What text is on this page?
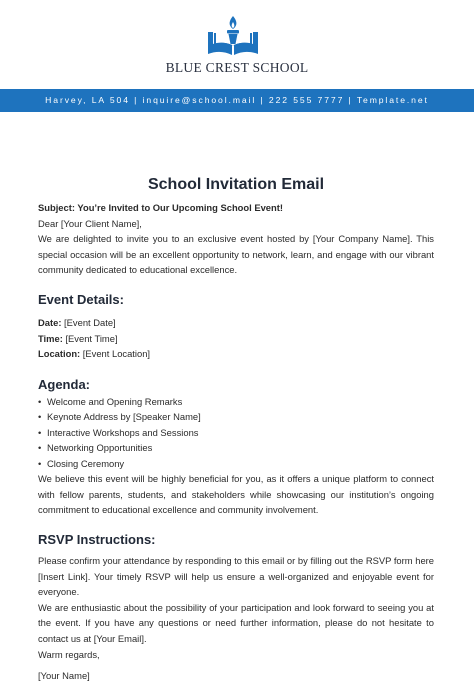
BLUE CREST SCHOOL
Harvey, LA 504 | inquire@school.mail | 222 555 7777 | Template.net
School Invitation Email

Subject: You’re Invited to Our Upcoming School Event!

Dear [Your Client Name],

We are delighted to invite you to an exclusive event hosted by [Your Company Name]. This special occasion will be an excellent opportunity to network, learn, and engage with our vibrant community dedicated to educational excellence.

Event Details:

Date: [Event Date]

Time: [Event Time]

Location: [Event Location]

Agenda:
• Welcome and Opening Remarks
• Keynote Address by [Speaker Name]
• Interactive Workshops and Sessions
• Networking Opportunities
• Closing Ceremony

We believe this event will be highly beneficial for you, as it offers a unique platform to connect with fellow parents, students, and stakeholders while showcasing our institution’s ongoing commitment to educational excellence and community involvement.

RSVP Instructions:

Please confirm your attendance by responding to this email or by filling out the RSVP form here [Insert Link]. Your timely RSVP will help us ensure a well-organized and enjoyable event for everyone.

We are enthusiastic about the possibility of your participation and look forward to seeing you at the event. If you have any questions or need further information, please do not hesitate to contact us at [Your Email].

Warm regards,

[Your Name]
